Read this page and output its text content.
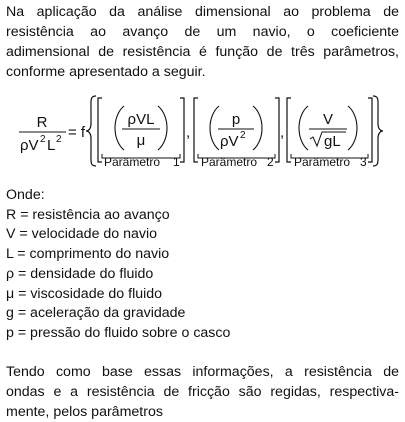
Na aplicação da análise dimensional ao problema de
resistência ao avanço de um navio, o coeficiente
adimensional de resistência é função de três parâmetros,
conforme apresentado a seguir.
R
ρV 2 L 2 = f
ρVL
μ
Parâmetro 1
,
p
ρV 2
Parâmetro 2
,
V
gL
Parâmetro 3
Onde:
R = resistência ao avanço
V = velocidade do navio
L = comprimento do navio
ρ = densidade do fluido
μ = viscosidade do fluido
g = aceleração da gravidade
p = pressão do fluido sobre o casco
Tendo como base essas informações, a resistência de
ondas e a resistência de fricção são regidas, respectiva-
mente, pelos parâmetros
